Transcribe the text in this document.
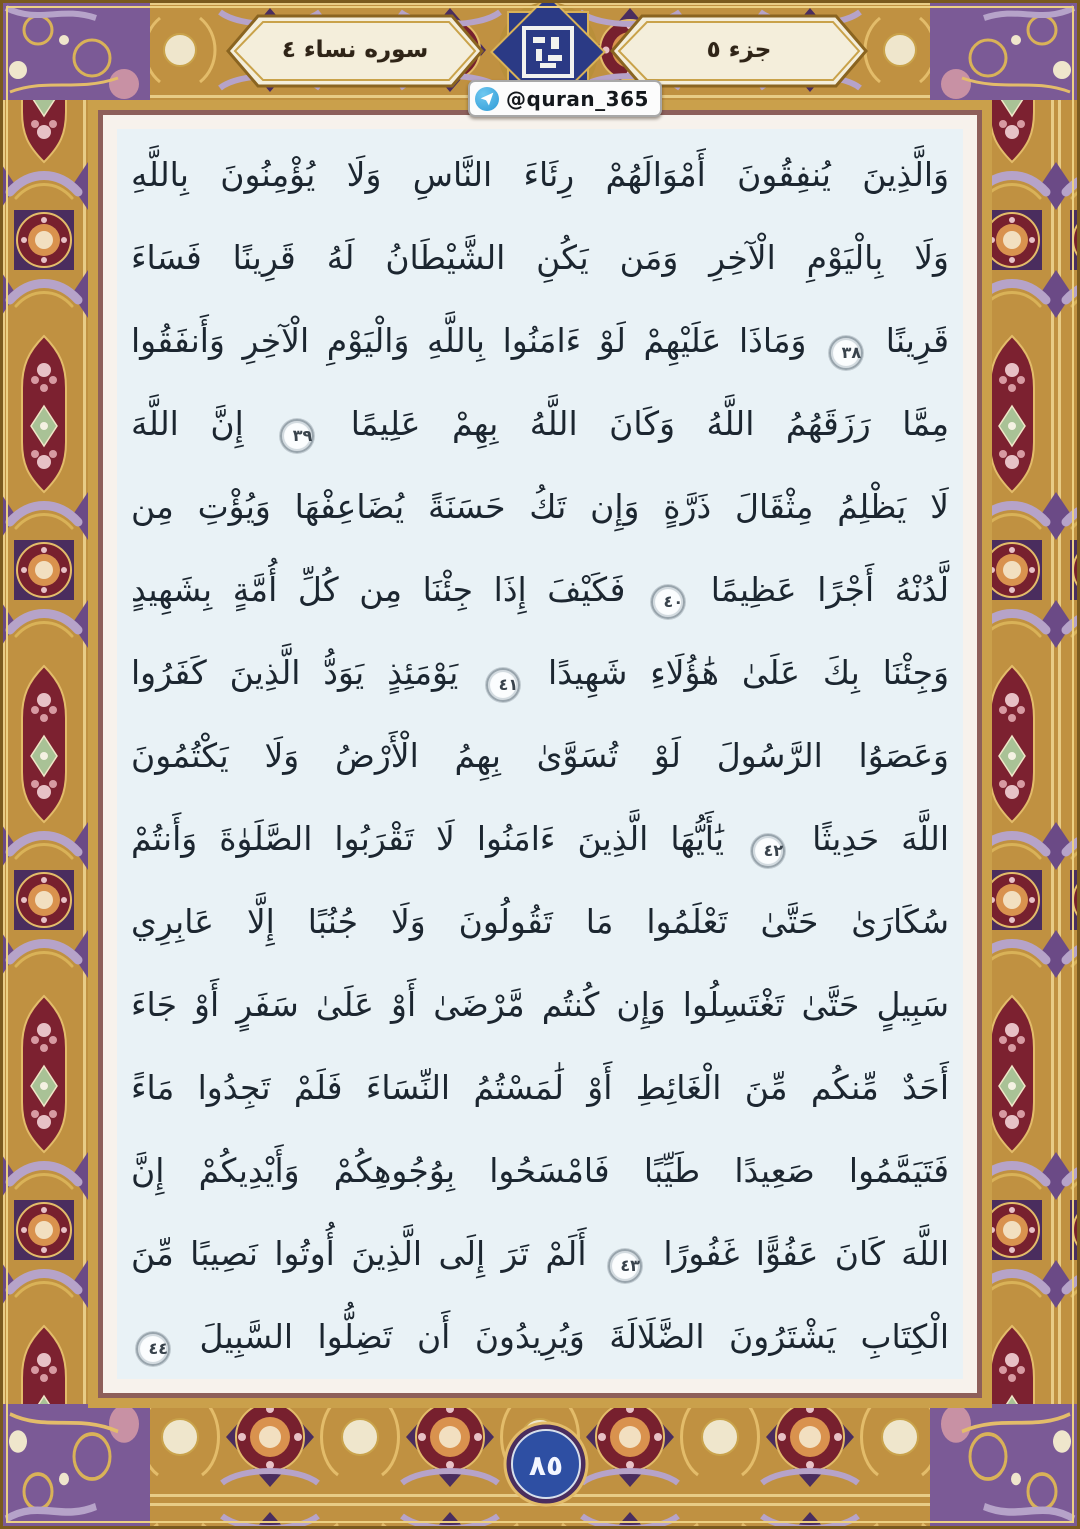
سوره نساء ٤	جزء ٥
@quran_365
وَالَّذِينَ يُنفِقُونَ أَمْوَالَهُمْ رِئَاءَ النَّاسِ وَلَا يُؤْمِنُونَ بِاللَّهِ
وَلَا بِالْيَوْمِ الْآخِرِ وَمَن يَكُنِ الشَّيْطَانُ لَهُ قَرِينًا فَسَاءَ
قَرِينًا ٣٨ وَمَاذَا عَلَيْهِمْ لَوْ ءَامَنُوا بِاللَّهِ وَالْيَوْمِ الْآخِرِ وَأَنفَقُوا
مِمَّا رَزَقَهُمُ اللَّهُ وَكَانَ اللَّهُ بِهِمْ عَلِيمًا ٣٩ إِنَّ اللَّهَ
لَا يَظْلِمُ مِثْقَالَ ذَرَّةٍ وَإِن تَكُ حَسَنَةً يُضَاعِفْهَا وَيُؤْتِ مِن
لَّدُنْهُ أَجْرًا عَظِيمًا ٤٠ فَكَيْفَ إِذَا جِئْنَا مِن كُلِّ أُمَّةٍ بِشَهِيدٍ
وَجِئْنَا بِكَ عَلَىٰ هَٰؤُلَاءِ شَهِيدًا ٤١ يَوْمَئِذٍ يَوَدُّ الَّذِينَ كَفَرُوا
وَعَصَوُا الرَّسُولَ لَوْ تُسَوَّىٰ بِهِمُ الْأَرْضُ وَلَا يَكْتُمُونَ
اللَّهَ حَدِيثًا ٤٢ يَٰأَيُّهَا الَّذِينَ ءَامَنُوا لَا تَقْرَبُوا الصَّلَوٰةَ وَأَنتُمْ
سُكَارَىٰ حَتَّىٰ تَعْلَمُوا مَا تَقُولُونَ وَلَا جُنُبًا إِلَّا عَابِرِي
سَبِيلٍ حَتَّىٰ تَغْتَسِلُوا وَإِن كُنتُم مَّرْضَىٰ أَوْ عَلَىٰ سَفَرٍ أَوْ جَاءَ
أَحَدٌ مِّنكُم مِّنَ الْغَائِطِ أَوْ لَٰمَسْتُمُ النِّسَاءَ فَلَمْ تَجِدُوا مَاءً
فَتَيَمَّمُوا صَعِيدًا طَيِّبًا فَامْسَحُوا بِوُجُوهِكُمْ وَأَيْدِيكُمْ إِنَّ
اللَّهَ كَانَ عَفُوًّا غَفُورًا ٤٣ أَلَمْ تَرَ إِلَى الَّذِينَ أُوتُوا نَصِيبًا مِّنَ
الْكِتَابِ يَشْتَرُونَ الضَّلَالَةَ وَيُرِيدُونَ أَن تَضِلُّوا السَّبِيلَ ٤٤
٨٥
